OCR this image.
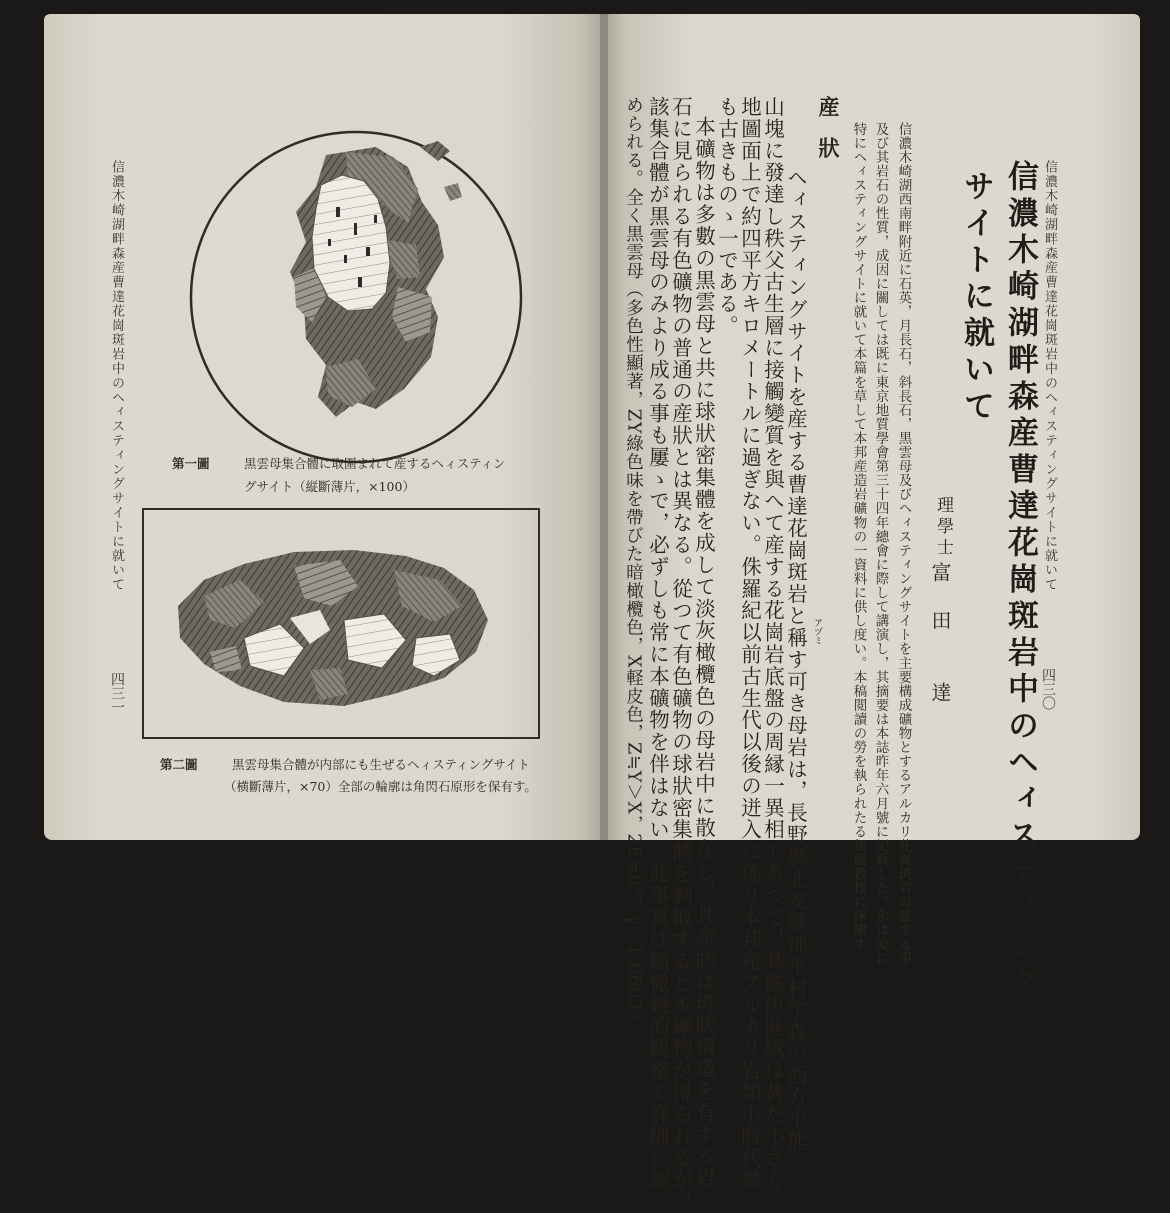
信濃木崎湖畔森産曹達花崗斑岩中のヘィスティングサイトに就いて
四三一
第一圖	黒雲母集合體に取圍まれて産するヘィスティン
グサイト（縦斷薄片，×100）
第二圖	黒雲母集合體が内部にも生ぜるヘィスティングサイト
（横斷薄片，×70）全部の輪廓は角閃石原形を保有す。
信濃木崎湖畔森産曹達花崗斑岩中のヘィスティングサイトに就いて
四三〇
信濃木崎湖畔森産曹達花崗斑岩中のヘィスティング
サイトに就いて
理學士
富　田　　達
信濃木崎湖西南畔附近に石英，月長石，斜長石，黒雲母及びヘィスティングサイトを主要構成礦物とするアルカリ花崗斑岩の産する事
及び其岩石の性質，成因に關しては既に東京地質學會第三十四年總會に際して講演し，其摘要は本誌昨年六月號に記載した。余は爰に
特にヘィスティングサイトに就いて本篇を草して本邦産造岩礦物の一資料に供し度い。本稿閲讀の勞を執られたる加藤教授に深謝す。
産
狀
アヅミ
ヘィスティングサイトを産する曹達花崗斑岩と稱す可き母岩は，長野縣北安曇郡平村宇森の西方小熊
山塊に發達し秩父古生層に接觸變質を與へて産する花崗岩底盤の周縁一異相であつて，其露出區域は甚だ小さく
地圖面上で約四平方キロメートルに過ぎない。侏羅紀以前古生代以後の迸入に係り本邦産アルカリ岩類中時代最
も古きものゝ一である。
本礦物は多數の黒雲母と共に球狀密集體を成して淡灰橄欖色の母岩中に散在し，其産狀は斑狀構造を有する岩
石に見られる有色礦物の普通の産狀とは異なる。從つて有色礦物の球狀密集體を剝取すると本礦物が得られるが，
該集合體が黒雲母のみより成る事も屢ゝで，必ずしも常に本礦物を伴はない。此事實は顯微鏡的觀察で詳細に認
められる。全く黒雲母（多色性顯著，ZY綠色味を帶びた暗橄欖色，X軽皮色，Z≒Y＞X，2E≒0°，γ＝1.6603）
